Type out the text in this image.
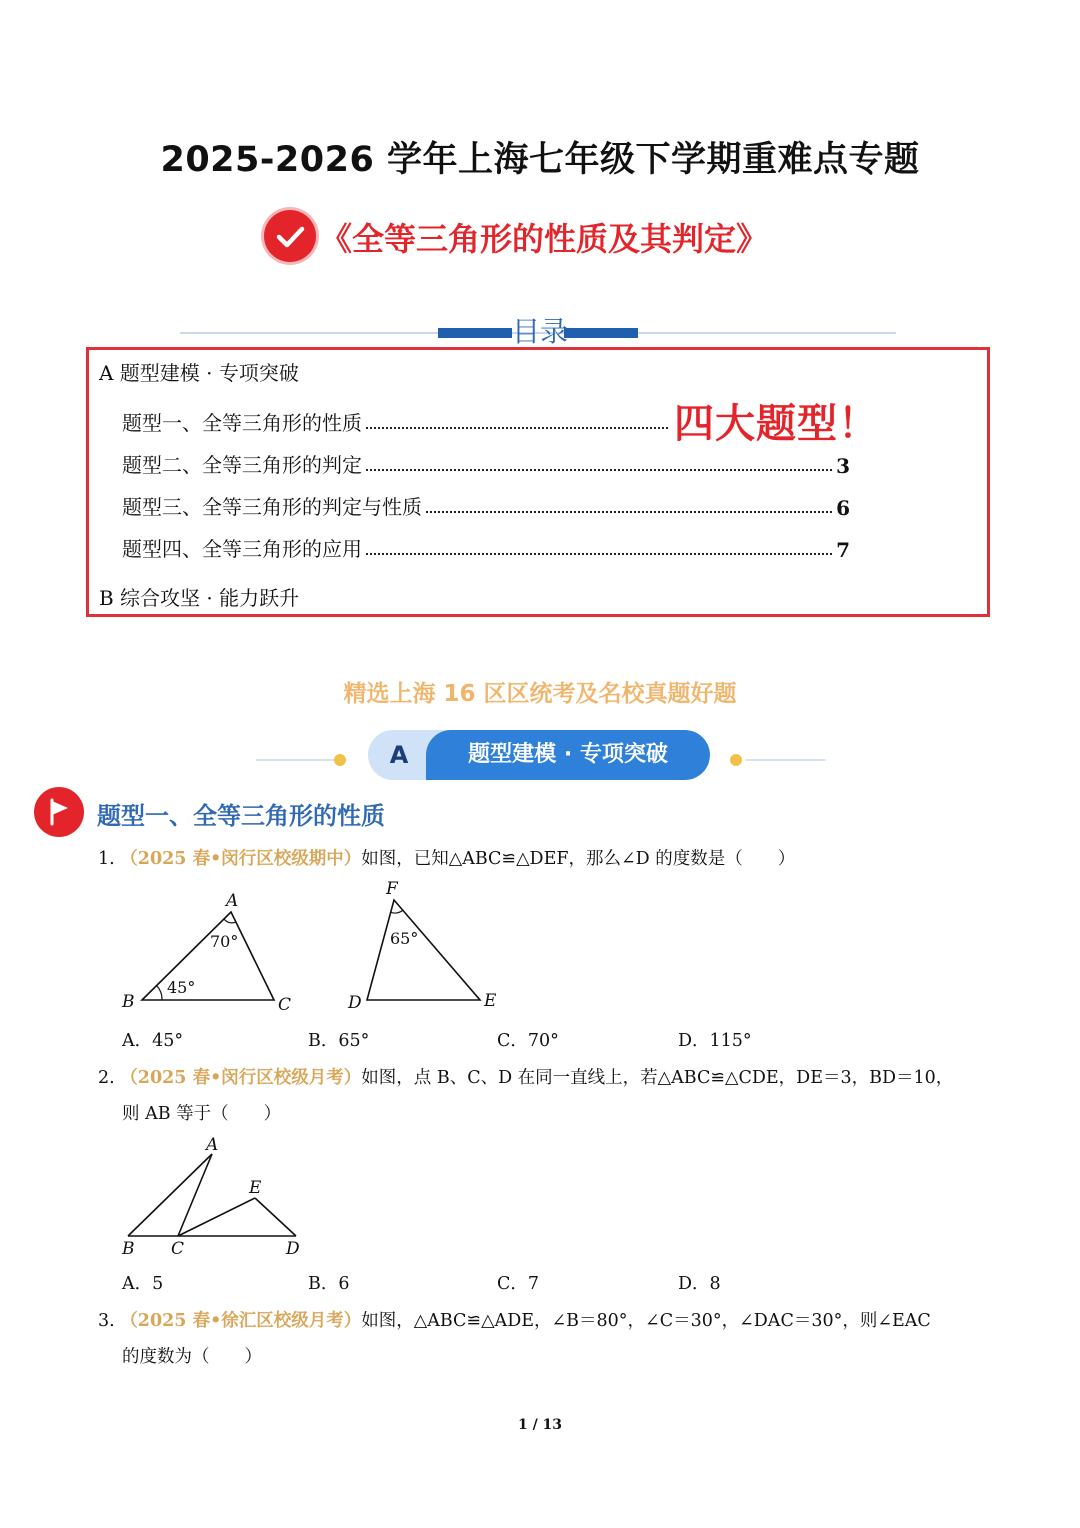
2025-2026 学年上海七年级下学期重难点专题
《全等三角形的性质及其判定》
目录
A 题型建模 · 专项突破
题型一、全等三角形的性质
题型二、全等三角形的判定	3
题型三、全等三角形的判定与性质	6
题型四、全等三角形的应用	7
B 综合攻坚 · 能力跃升
四大题型！
精选上海 16 区区统考及名校真题好题
A	题型建模 · 专项突破
题型一、全等三角形的性质
1. （2025 春•闵行区校级期中）如图，已知△ABC≌△DEF，那么∠D 的度数是（　　）
A
B	C
70°
45°
F
D	E
65°
A．45°	B．65°	C．70°	D．115°
2. （2025 春•闵行区校级月考）如图，点 B、C、D 在同一直线上，若△ABC≌△CDE，DE＝3，BD＝10，
则 AB 等于（　　）
A
E
B C	D
A．5	B．6	C．7	D．8
3. （2025 春•徐汇区校级月考）如图，△ABC≌△ADE，∠B＝80°，∠C＝30°，∠DAC＝30°，则∠EAC
的度数为（　　）
1 / 13
